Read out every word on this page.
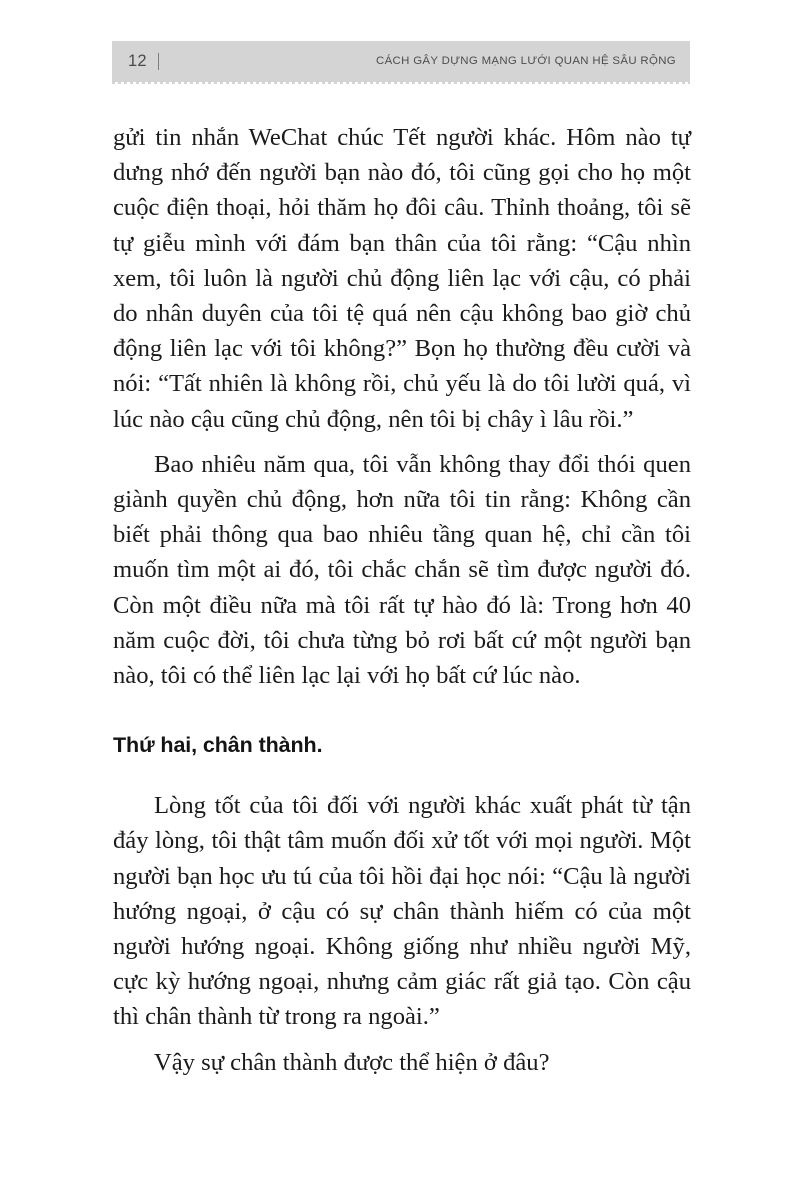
12	CÁCH GÂY DỰNG MẠNG LƯỚI QUAN HỆ SÂU RỘNG

gửi tin nhắn WeChat chúc Tết người khác. Hôm nào tự dưng nhớ đến người bạn nào đó, tôi cũng gọi cho họ một cuộc điện thoại, hỏi thăm họ đôi câu. Thỉnh thoảng, tôi sẽ tự giễu mình với đám bạn thân của tôi rằng: “Cậu nhìn xem, tôi luôn là người chủ động liên lạc với cậu, có phải do nhân duyên của tôi tệ quá nên cậu không bao giờ chủ động liên lạc với tôi không?” Bọn họ thường đều cười và nói: “Tất nhiên là không rồi, chủ yếu là do tôi lười quá, vì lúc nào cậu cũng chủ động, nên tôi bị chây ì lâu rồi.”

Bao nhiêu năm qua, tôi vẫn không thay đổi thói quen giành quyền chủ động, hơn nữa tôi tin rằng: Không cần biết phải thông qua bao nhiêu tầng quan hệ, chỉ cần tôi muốn tìm một ai đó, tôi chắc chắn sẽ tìm được người đó. Còn một điều nữa mà tôi rất tự hào đó là: Trong hơn 40 năm cuộc đời, tôi chưa từng bỏ rơi bất cứ một người bạn nào, tôi có thể liên lạc lại với họ bất cứ lúc nào.

Thứ hai, chân thành.

Lòng tốt của tôi đối với người khác xuất phát từ tận đáy lòng, tôi thật tâm muốn đối xử tốt với mọi người. Một người bạn học ưu tú của tôi hồi đại học nói: “Cậu là người hướng ngoại, ở cậu có sự chân thành hiếm có của một người hướng ngoại. Không giống như nhiều người Mỹ, cực kỳ hướng ngoại, nhưng cảm giác rất giả tạo. Còn cậu thì chân thành từ trong ra ngoài.”

Vậy sự chân thành được thể hiện ở đâu?
